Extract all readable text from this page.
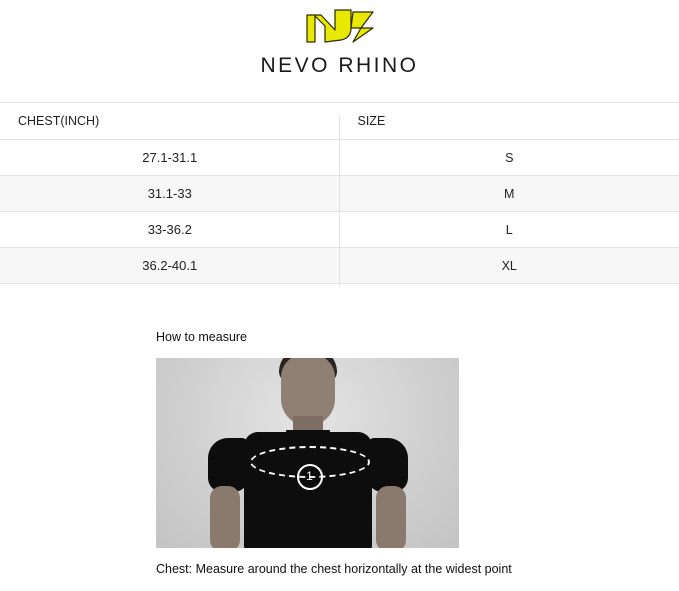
NEVO RHINO
CHEST(INCH)	SIZE
27.1-31.1	S
31.1-33	M
33-36.2	L
36.2-40.1	XL
How to measure
1
Chest: Measure around the chest horizontally at the widest point
